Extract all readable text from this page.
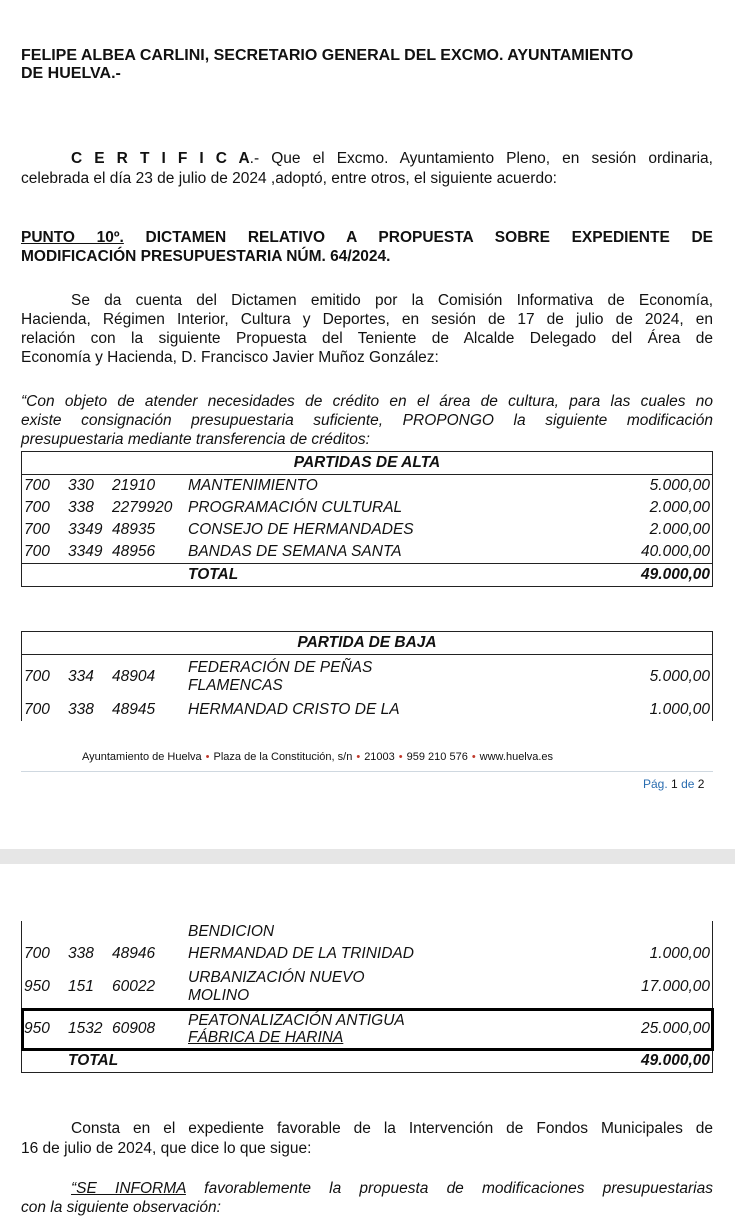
FELIPE ALBEA CARLINI, SECRETARIO GENERAL DEL EXCMO. AYUNTAMIENTO
DE HUELVA.-
C E R T I F I C A.- Que el Excmo. Ayuntamiento Pleno, en sesión ordinaria,
celebrada el día 23 de julio de 2024 ,adoptó, entre otros, el siguiente acuerdo:
PUNTO 10º. DICTAMEN RELATIVO A PROPUESTA SOBRE EXPEDIENTE DE
MODIFICACIÓN PRESUPUESTARIA NÚM. 64/2024.
Se da cuenta del Dictamen emitido por la Comisión Informativa de Economía,
Hacienda, Régimen Interior, Cultura y Deportes, en sesión de 17 de julio de 2024, en
relación con la siguiente Propuesta del Teniente de Alcalde Delegado del Área de
Economía y Hacienda, D. Francisco Javier Muñoz González:
“Con objeto de atender necesidades de crédito en el área de cultura, para las cuales no
existe consignación presupuestaria suficiente, PROPONGO la siguiente modificación
presupuestaria mediante transferencia de créditos:
PARTIDAS DE ALTA				
700	330	21910	MANTENIMIENTO	5.000,00
700	338	2279920	PROGRAMACIÓN CULTURAL	2.000,00
700	3349	48935	CONSEJO DE HERMANDADES	2.000,00
700	3349	48956	BANDAS DE SEMANA SANTA	40.000,00
			TOTAL	49.000,00
PARTIDA DE BAJA				
700	334	48904	FEDERACIÓN DE PEÑAS
FLAMENCAS	5.000,00
700	338	48945	HERMANDAD CRISTO DE LA	1.000,00
Ayuntamiento de Huelva • Plaza de la Constitución, s/n • 21003 • 959 210 576 • www.huelva.es
Pág. 1 de 2
			BENDICION	
700	338	48946	HERMANDAD DE LA TRINIDAD	1.000,00
950	151	60022	URBANIZACIÓN NUEVO
MOLINO	17.000,00
950	1532	60908	PEATONALIZACIÓN ANTIGUA
FÁBRICA DE HARINA	25.000,00
	TOTAL			49.000,00
Consta en el expediente favorable de la Intervención de Fondos Municipales de
16 de julio de 2024, que dice lo que sigue:
“SE INFORMA favorablemente la propuesta de modificaciones presupuestarias
con la siguiente observación:
